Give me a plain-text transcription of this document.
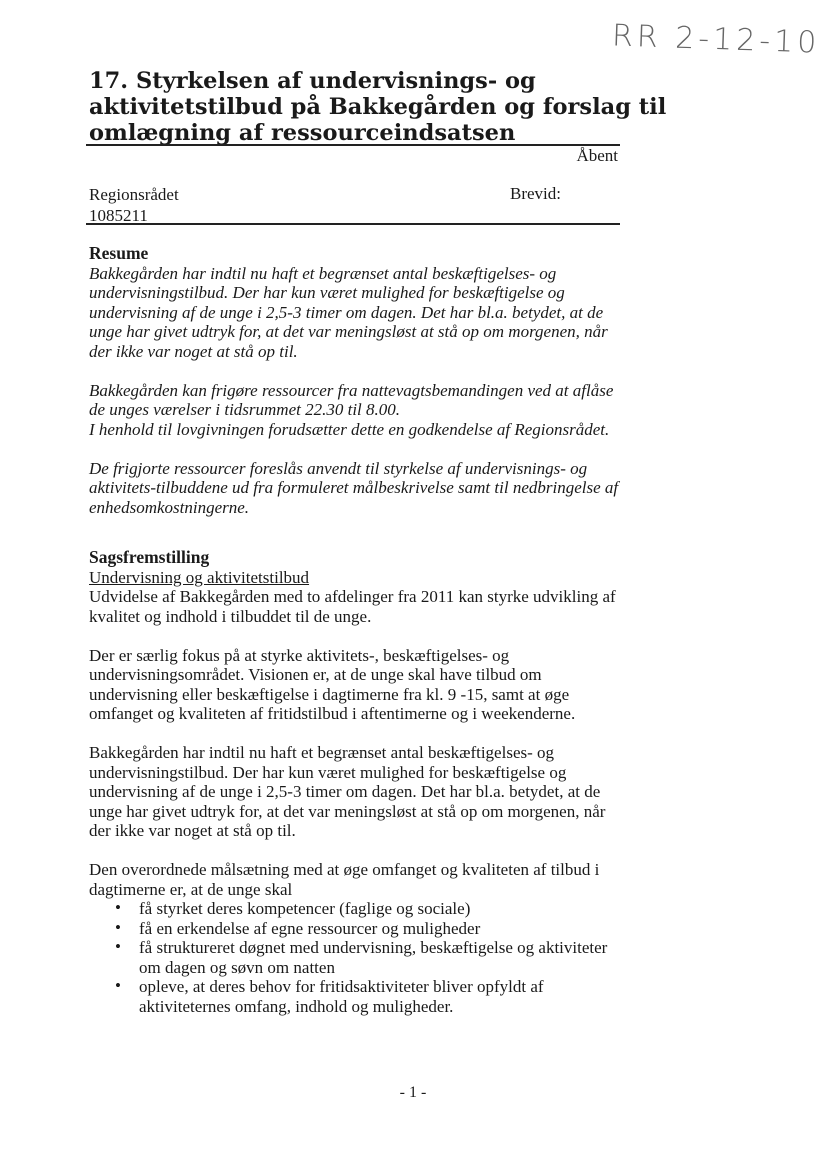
RR 2-12-10
17. Styrkelsen af undervisnings- og
aktivitetstilbud på Bakkegården og forslag til
omlægning af ressourceindsatsen
Åbent
Regionsrådet
1085211
Brevid:
Resume

Bakkegården har indtil nu haft et begrænset antal beskæftigelses- og undervisningstilbud. Der har kun været mulighed for beskæftigelse og undervisning af de unge i 2,5-3 timer om dagen. Det har bl.a. betydet, at de unge har givet udtryk for, at det var meningsløst at stå op om morgenen, når der ikke var noget at stå op til.

Bakkegården kan frigøre ressourcer fra nattevagtsbemandingen ved at aflåse de unges værelser i tidsrummet 22.30 til 8.00.

I henhold til lovgivningen forudsætter dette en godkendelse af Regionsrådet.

De frigjorte ressourcer foreslås anvendt til styrkelse af undervisnings- og aktivitets-tilbuddene ud fra formuleret målbeskrivelse samt til nedbringelse af enhedsomkostningerne.

Sagsfremstilling
Undervisning og aktivitetstilbud

Udvidelse af Bakkegården med to afdelinger fra 2011 kan styrke udvikling af kvalitet og indhold i tilbuddet til de unge.

Der er særlig fokus på at styrke aktivitets-, beskæftigelses- og undervisningsområdet. Visionen er, at de unge skal have tilbud om undervisning eller beskæftigelse i dagtimerne fra kl. 9 -15, samt at øge omfanget og kvaliteten af fritidstilbud i aftentimerne og i weekenderne.

Bakkegården har indtil nu haft et begrænset antal beskæftigelses- og undervisningstilbud. Der har kun været mulighed for beskæftigelse og undervisning af de unge i 2,5-3 timer om dagen. Det har bl.a. betydet, at de unge har givet udtryk for, at det var meningsløst at stå op om morgenen, når der ikke var noget at stå op til.

Den overordnede målsætning med at øge omfanget og kvaliteten af tilbud i dagtimerne er, at de unge skal

• få styrket deres kompetencer (faglige og sociale)
• få en erkendelse af egne ressourcer og muligheder
• få struktureret døgnet med undervisning, beskæftigelse og aktiviteter om dagen og søvn om natten
• opleve, at deres behov for fritidsaktiviteter bliver opfyldt af aktiviteternes omfang, indhold og muligheder.
- 1 -
